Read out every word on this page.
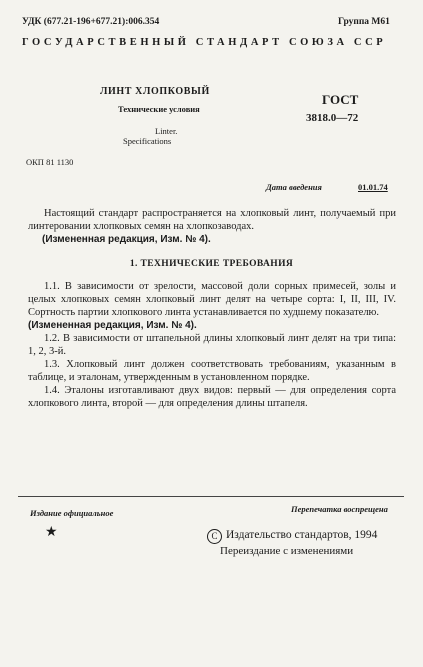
УДК (677.21-196+677.21):006.354	Группа М61
ГОСУДАРСТВЕННЫЙ СТАНДАРТ СОЮЗА ССР
ЛИНТ ХЛОПКОВЫЙ
Технические условия
Linter.
Specifications
ГОСТ
3818.0—72
ОКП 81 1130
Дата введения	01.01.74

Настоящий стандарт распространяется на хлопковый линт, получаемый при линтеровании хлопковых семян на хлопкозаводах.

(Измененная редакция, Изм. № 4).

1. ТЕХНИЧЕСКИЕ ТРЕБОВАНИЯ

1.1. В зависимости от зрелости, массовой доли сорных примесей, золы и целых хлопковых семян хлопковый линт делят на четыре сорта: I, II, III, IV. Сортность партии хлопкового линта устанавливается по худшему показателю.

(Измененная редакция, Изм. № 4).

1.2. В зависимости от штапельной длины хлопковый линт делят на три типа: 1, 2, 3-й.

1.3. Хлопковый линт должен соответствовать требованиям, указанным в таблице, и эталонам, утвержденным в установленном порядке.

1.4. Эталоны изготавливают двух видов: первый — для определения сорта хлопкового линта, второй — для определения длины штапеля.

Издание официальное	Перепечатка воспрещена
★	C Издательство стандартов, 1994
Переиздание с изменениями
